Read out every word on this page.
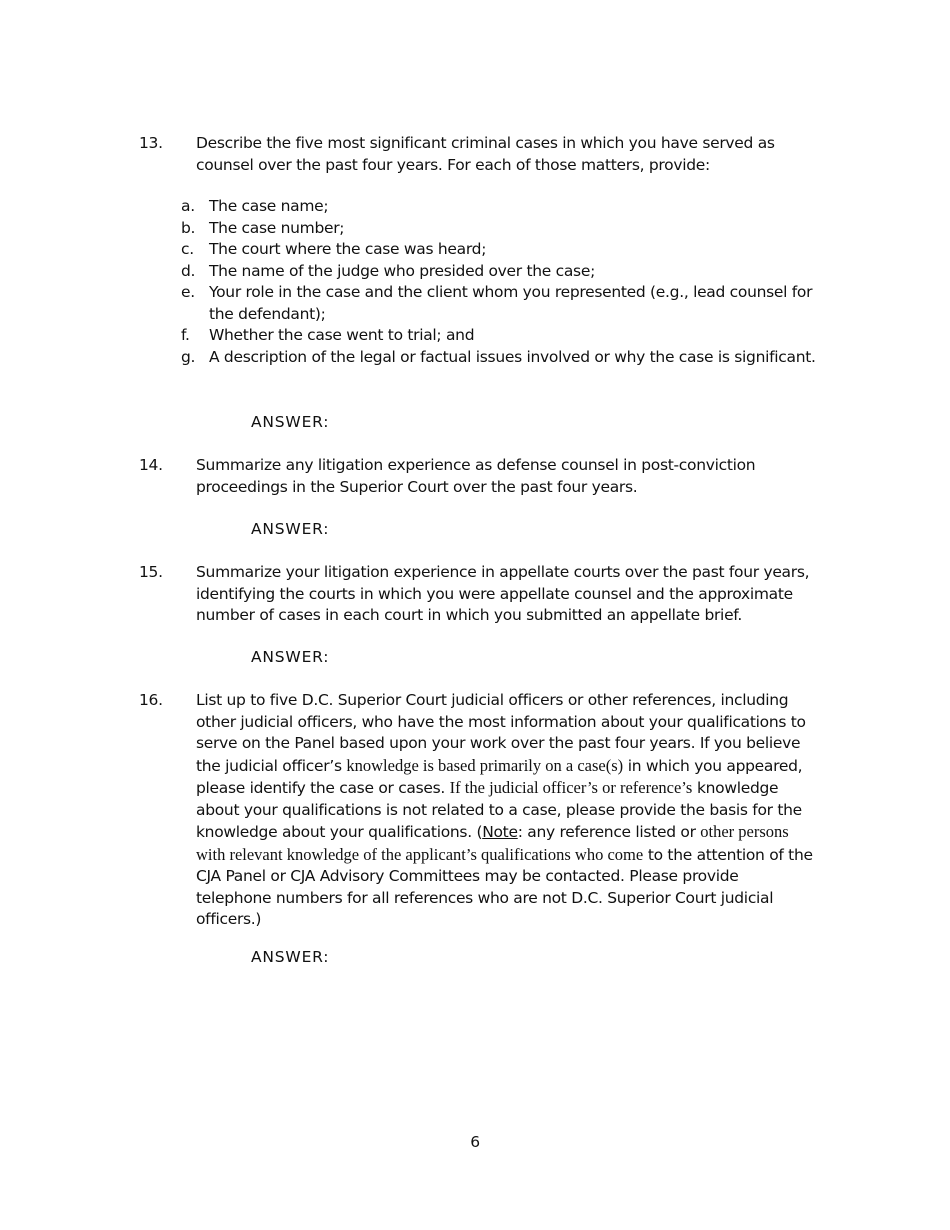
13.	Describe the five most significant criminal cases in which you have served as counsel over the past four years. For each of those matters, provide:
a. The case name;
b. The case number;
c. The court where the case was heard;
d. The name of the judge who presided over the case;
e. Your role in the case and the client whom you represented (e.g., lead counsel for the defendant);
f. Whether the case went to trial; and
g. A description of the legal or factual issues involved or why the case is significant.
ANSWER:
14.	Summarize any litigation experience as defense counsel in post-conviction proceedings in the Superior Court over the past four years.
ANSWER:
15.	Summarize your litigation experience in appellate courts over the past four years, identifying the courts in which you were appellate counsel and the approximate number of cases in each court in which you submitted an appellate brief.
ANSWER:
16.	List up to five D.C. Superior Court judicial officers or other references, including other judicial officers, who have the most information about your qualifications to serve on the Panel based upon your work over the past four years. If you believe the judicial officer’s knowledge is based primarily on a case(s) in which you appeared, please identify the case or cases. If the judicial officer’s or reference’s knowledge about your qualifications is not related to a case, please provide the basis for the knowledge about your qualifications. (Note: any reference listed or other persons with relevant knowledge of the applicant’s qualifications who come to the attention of the CJA Panel or CJA Advisory Committees may be contacted. Please provide telephone numbers for all references who are not D.C. Superior Court judicial officers.)
ANSWER:
6
